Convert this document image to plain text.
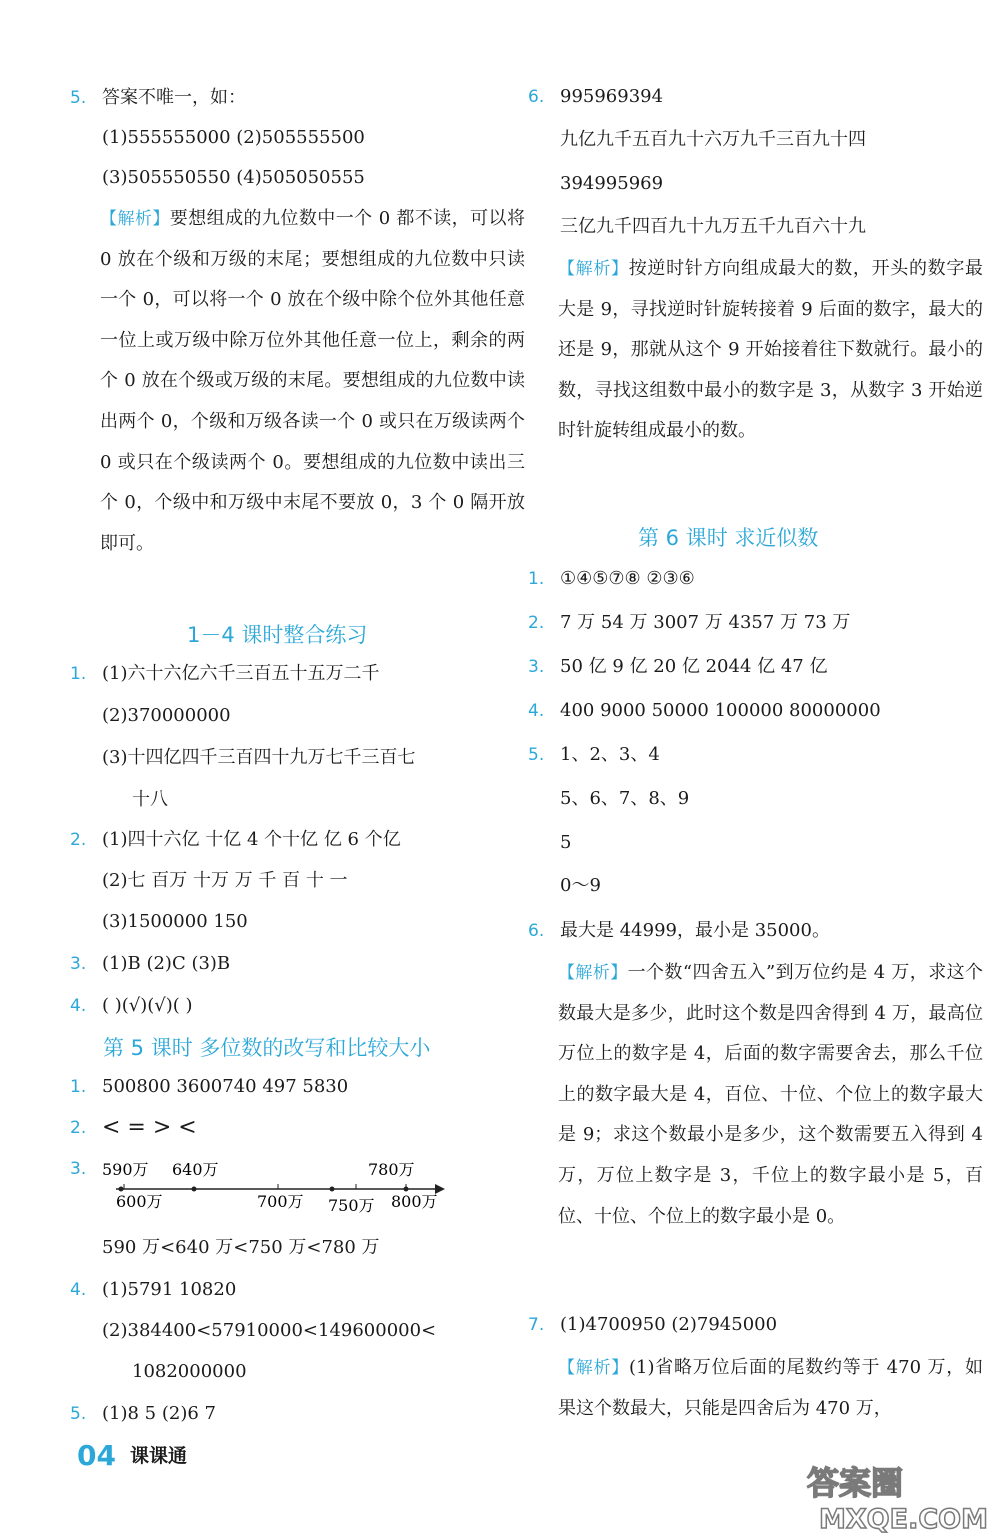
5. 答案不唯一，如：
(1)555555000 (2)505555500
(3)505550550 (4)505050555
【解析】要想组成的九位数中一个 0 都不读，可以将 0 放在个级和万级的末尾；要想组成的九位数中只读一个 0，可以将一个 0 放在个级中除个位外其他任意一位上或万级中除万位外其他任意一位上，剩余的两个 0 放在个级或万级的末尾。要想组成的九位数中读出两个 0，个级和万级各读一个 0 或只在万级读两个 0 或只在个级读两个 0。要想组成的九位数中读出三个 0，个级中和万级中末尾不要放 0，3 个 0 隔开放即可。
1－4 课时整合练习
1. (1)六十六亿六千三百五十五万二千
(2)370000000
(3)十四亿四千三百四十九万七千三百七
十八
2. (1)四十六亿 十亿 4 个十亿 亿 6 个亿
(2)七 百万 十万 万 千 百 十 一
(3)1500000 150
3. (1)B (2)C (3)B
4. ( )(√)(√)( )
第 5 课时 多位数的改写和比较大小
1. 500800 3600740 497 5830
2. < = > <
3. 590万 640万	780万
600万	700万 750万 800万
590 万<640 万<750 万<780 万
4. (1)5791 10820
(2)384400<57910000<149600000<
1082000000
5. (1)8 5 (2)6 7
6. 995969394
九亿九千五百九十六万九千三百九十四
394995969
三亿九千四百九十九万五千九百六十九
【解析】按逆时针方向组成最大的数，开头的数字最大是 9，寻找逆时针旋转接着 9 后面的数字，最大的还是 9，那就从这个 9 开始接着往下数就行。最小的数，寻找这组数中最小的数字是 3，从数字 3 开始逆时针旋转组成最小的数。
第 6 课时 求近似数
1. ①④⑤⑦⑧ ②③⑥
2. 7 万 54 万 3007 万 4357 万 73 万
3. 50 亿 9 亿 20 亿 2044 亿 47 亿
4. 400 9000 50000 100000 80000000
5. 1、2、3、4
5、6、7、8、9
5
0～9
6. 最大是 44999，最小是 35000。
【解析】一个数“四舍五入”到万位约是 4 万，求这个数最大是多少，此时这个数是四舍得到 4 万，最高位万位上的数字是 4，后面的数字需要舍去，那么千位上的数字最大是 4，百位、十位、个位上的数字最大是 9；求这个数最小是多少，这个数需要五入得到 4 万，万位上数字是 3，千位上的数字最小是 5，百位、十位、个位上的数字最小是 0。
7. (1)4700950 (2)7945000
【解析】(1)省略万位后面的尾数约等于 470 万，如果这个数最大，只能是四舍后为 470 万，
04 课课通
答案圈
MXQE.COM
